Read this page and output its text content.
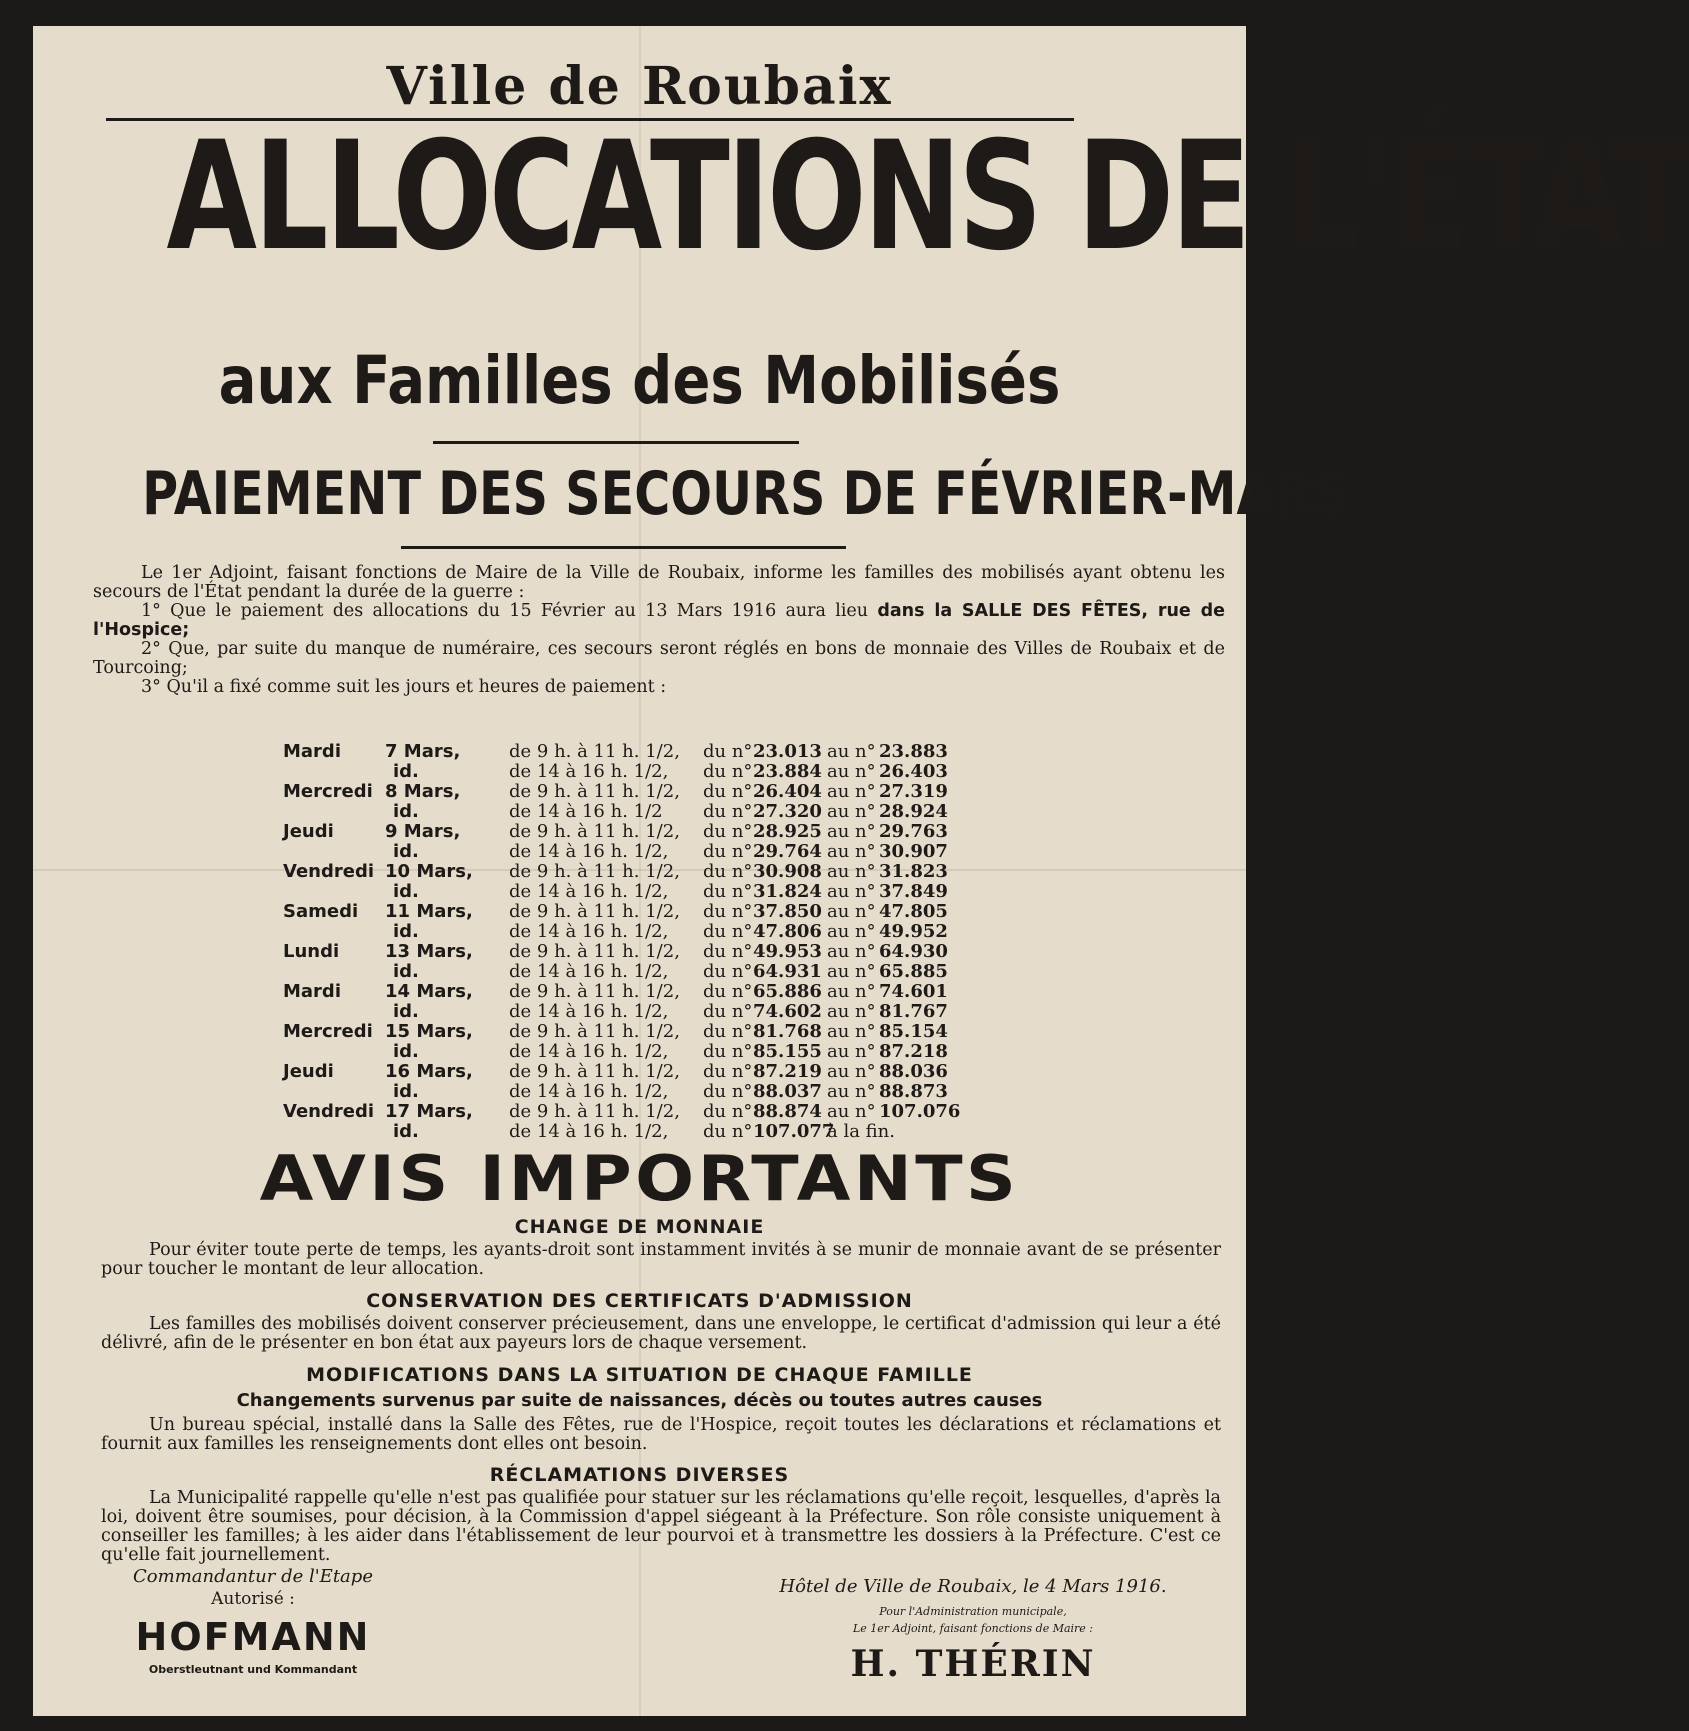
Ville de Roubaix
ALLOCATIONS DE L'ÉTAT
aux Familles des Mobilisés
PAIEMENT DES SECOURS DE FÉVRIER-MARS

Le 1er Adjoint, faisant fonctions de Maire de la Ville de Roubaix, informe les familles des mobilisés ayant obtenu les secours de l'État pendant la durée de la guerre :

1° Que le paiement des allocations du 15 Février au 13 Mars 1916 aura lieu dans la SALLE DES FÊTES, rue de l'Hospice;

2° Que, par suite du manque de numéraire, ces secours seront réglés en bons de monnaie des Villes de Roubaix et de Tourcoing;

3° Qu'il a fixé comme suit les jours et heures de paiement :

Mardi 7 Mars,	de 9 h. à 11 h. 1/2, du n° 23.013 au n° 23.883
id.	de 14 à 16 h. 1/2, du n° 23.884 au n° 26.403
Mercredi 8 Mars,	de 9 h. à 11 h. 1/2, du n° 26.404 au n° 27.319
id.	de 14 à 16 h. 1/2 du n° 27.320 au n° 28.924
Jeudi	9 Mars,	de 9 h. à 11 h. 1/2, du n° 28.925 au n° 29.763
id.	de 14 à 16 h. 1/2, du n° 29.764 au n° 30.907
Vendredi 10 Mars, de 9 h. à 11 h. 1/2, du n° 30.908 au n° 31.823
id.	de 14 à 16 h. 1/2, du n° 31.824 au n° 37.849
Samedi 11 Mars, de 9 h. à 11 h. 1/2, du n° 37.850 au n° 47.805
id.	de 14 à 16 h. 1/2, du n° 47.806 au n° 49.952
Lundi	13 Mars, de 9 h. à 11 h. 1/2, du n° 49.953 au n° 64.930
id.	de 14 à 16 h. 1/2, du n° 64.931 au n° 65.885
Mardi 14 Mars, de 9 h. à 11 h. 1/2, du n° 65.886 au n° 74.601
id.	de 14 à 16 h. 1/2, du n° 74.602 au n° 81.767
Mercredi 15 Mars, de 9 h. à 11 h. 1/2, du n° 81.768 au n° 85.154
id.	de 14 à 16 h. 1/2, du n° 85.155 au n° 87.218
Jeudi	16 Mars, de 9 h. à 11 h. 1/2, du n° 87.219 au n° 88.036
id.	de 14 à 16 h. 1/2, du n° 88.037 au n° 88.873
Vendredi 17 Mars, de 9 h. à 11 h. 1/2, du n° 88.874 au n° 107.076
id.	de 14 à 16 h. 1/2, du n° 107.077
à la fin.
AVIS IMPORTANTS
CHANGE DE MONNAIE
Pour éviter toute perte de temps, les ayants-droit sont instamment invités à se munir de monnaie avant de se présenter pour toucher le montant de leur allocation.
CONSERVATION DES CERTIFICATS D'ADMISSION
Les familles des mobilisés doivent conserver précieusement, dans une enveloppe, le certificat d'admission qui leur a été délivré, afin de le présenter en bon état aux payeurs lors de chaque versement.
MODIFICATIONS DANS LA SITUATION DE CHAQUE FAMILLE
Changements survenus par suite de naissances, décès ou toutes autres causes
Un bureau spécial, installé dans la Salle des Fêtes, rue de l'Hospice, reçoit toutes les déclarations et réclamations et fournit aux familles les renseignements dont elles ont besoin.
RÉCLAMATIONS DIVERSES
La Municipalité rappelle qu'elle n'est pas qualifiée pour statuer sur les réclamations qu'elle reçoit, lesquelles, d'après la loi, doivent être soumises, pour décision, à la Commission d'appel siégeant à la Préfecture. Son rôle consiste uniquement à conseiller les familles; à les aider dans l'établissement de leur pourvoi et à transmettre les dossiers à la Préfecture. C'est ce qu'elle fait journellement.
Commandantur de l'Etape
Autorisé :
HOFMANN
Oberstleutnant und Kommandant
Hôtel de Ville de Roubaix, le 4 Mars 1916.
Pour l'Administration municipale,
Le 1er Adjoint, faisant fonctions de Maire :
H. THÉRIN
